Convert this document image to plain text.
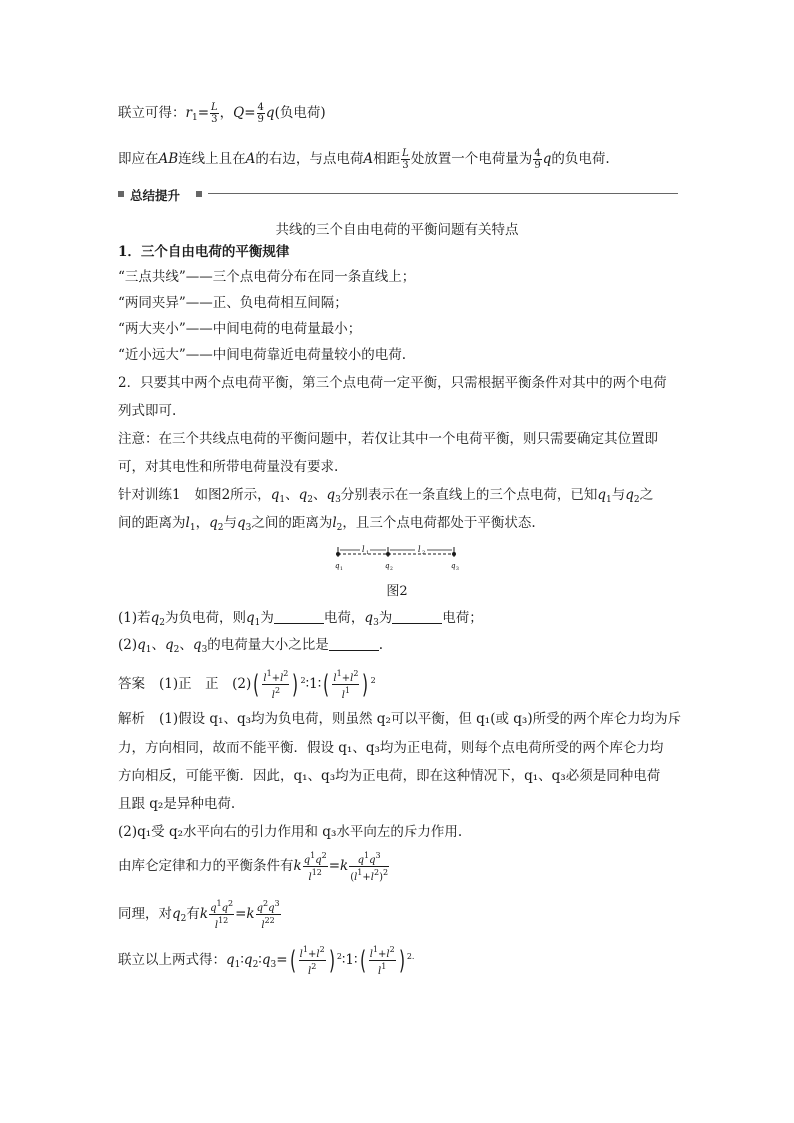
联立可得：$r_1= \frac{L}{3}$ ，$Q= \frac{4}{9} q$(负电荷)
即应在AB连线上且在A的右边，与点电荷A相距 $\frac{L}{3}$ 处放置一个电荷量为 $\frac{4}{9}$ q的负电荷.
总结提升
共线的三个自由电荷的平衡问题有关特点
1．三个自由电荷的平衡规律
“三点共线”——三个点电荷分布在同一条直线上；
“两同夹异”——正、负电荷相互间隔；
“两大夹小”——中间电荷的电荷量最小；
“近小远大”——中间电荷靠近电荷量较小的电荷.
2．只要其中两个点电荷平衡，第三个点电荷一定平衡，只需根据平衡条件对其中的两个电荷
列式即可.
注意：在三个共线点电荷的平衡问题中，若仅让其中一个电荷平衡，则只需要确定其位置即
可，对其电性和所带电荷量没有要求.
针对训练1 如图2所示，$q_1$、$q_2$、$q_3$分别表示在一条直线上的三个点电荷，已知$q_1$与$q_2$之
间的距离为$l_1$，$q_2$与$q_3$之间的距离为$l_2$，且三个点电荷都处于平衡状态.
l 1	l 2
q 1	q 2	q 3
图2
(1)若$q_2$为负电荷，则$q_1$为	电荷，$q_3$为	电荷；
$(2)q_1$、$q_2$、$q_3$的电荷量大小之比是	.
答案 (1)正　正　$(2)( \frac{l^1+l^2}{l^2}$ ) $^2$∶1∶( $\frac{l^1+l^2}{l^1}$ ) $^2$
解析 (1)假设 q₁、q₃均为负电荷，则虽然 q₂可以平衡，但 q₁(或 q₃)所受的两个库仑力均为斥
力，方向相同，故而不能平衡．假设 q₁、q₃均为正电荷，则每个点电荷所受的两个库仑力均
方向相反，可能平衡．因此，q₁、q₃均为正电荷，即在这种情况下，q₁、q₃必须是同种电荷
且跟 q₂是异种电荷.
(2)q₁受 q₂水平向右的引力作用和 q₃水平向左的斥力作用.
由库仑定律和力的平衡条件有k $\frac{q^1q^2}{l^{12}} =k \frac{q^1q^3}{(l^1+l^2)^2}$
同理，对$q_2$有k $\frac{q^1q^2}{l^{12}} =k \frac{q^2q^3}{l^{22}}$
联立以上两式得：$q_1∶q_2∶q_3=( \frac{l^1+l^2}{l^2}$ ) $^2$∶1∶( $\frac{l^1+l^2}{l^1}$ ) $^{2.}$
